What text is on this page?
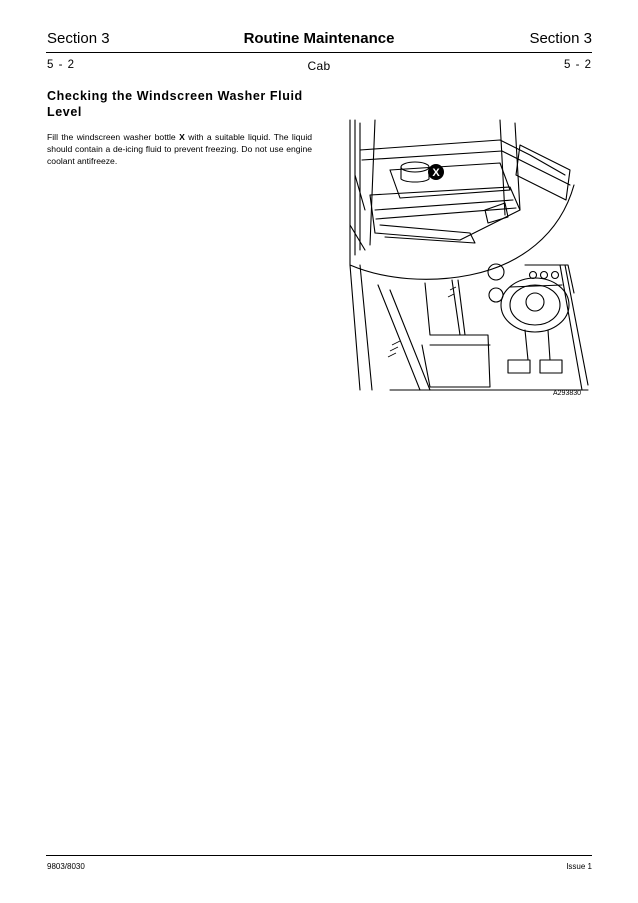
Section 3	Routine Maintenance	Section 3
5 - 2	Cab	5 - 2
Checking the Windscreen Washer Fluid Level

Fill the windscreen washer bottle X with a suitable liquid. The liquid should contain a de-icing fluid to prevent freezing. Do not use engine coolant antifreeze.

X
A293830
9803/8030	Issue 1
